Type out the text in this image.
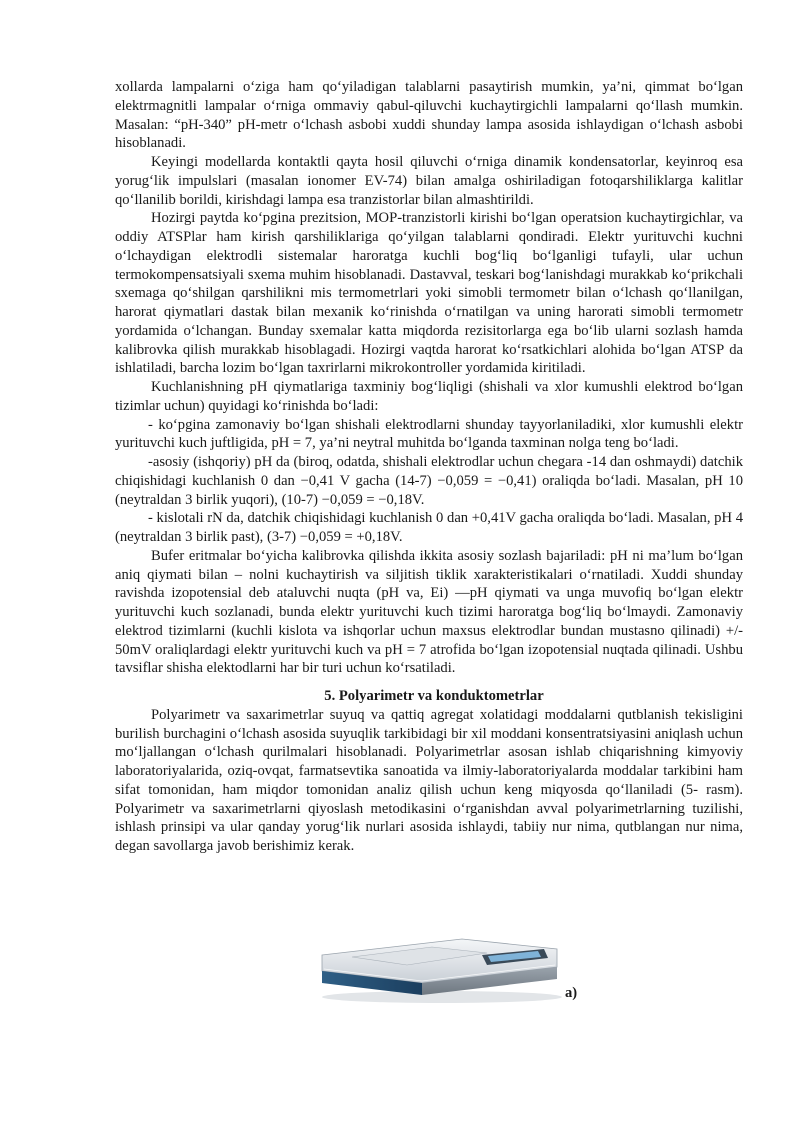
xollarda lampalarni o‘ziga ham qo‘yiladigan talablarni pasaytirish mumkin, ya’ni, qimmat bo‘lgan elektrmagnitli lampalar o‘rniga ommaviy qabul-qiluvchi kuchaytirgichli lampalarni qo‘llash mumkin. Masalan: “pH-340” pH-metr o‘lchash asbobi xuddi shunday lampa asosida ishlaydigan o‘lchash asbobi hisoblanadi.

Keyingi modellarda kontaktli qayta hosil qiluvchi o‘rniga dinamik kondensatorlar, keyinroq esa yorug‘lik impulslari (masalan ionomer EV-74) bilan amalga oshiriladigan fotoqarshiliklarga kalitlar qo‘llanilib borildi, kirishdagi lampa esa tranzistorlar bilan almashtirildi.

Hozirgi paytda ko‘pgina prezitsion, MOP-tranzistorli kirishi bo‘lgan operatsion kuchaytirgichlar, va oddiy ATSPlar ham kirish qarshiliklariga qo‘yilgan talablarni qondiradi. Elektr yurituvchi kuchni o‘lchaydigan elektrodli sistemalar haroratga kuchli bog‘liq bo‘lganligi tufayli, ular uchun termokompensatsiyali sxema muhim hisoblanadi. Dastavval, teskari bog‘lanishdagi murakkab ko‘prikchali sxemaga qo‘shilgan qarshilikni mis termometrlari yoki simobli termometr bilan o‘lchash qo‘llanilgan, harorat qiymatlari dastak bilan mexanik ko‘rinishda o‘rnatilgan va uning harorati simobli termometr yordamida o‘lchangan. Bunday sxemalar katta miqdorda rezisitorlarga ega bo‘lib ularni sozlash hamda kalibrovka qilish murakkab hisoblagadi. Hozirgi vaqtda harorat ko‘rsatkichlari alohida bo‘lgan ATSP da ishlatiladi, barcha lozim bo‘lgan taxrirlarni mikrokontroller yordamida kiritiladi.

Kuchlanishning pH qiymatlariga taxminiy bog‘liqligi (shishali va xlor kumushli elektrod bo‘lgan tizimlar uchun) quyidagi ko‘rinishda bo‘ladi:

- ko‘pgina zamonaviy bo‘lgan shishali elektrodlarni shunday tayyorlaniladiki, xlor kumushli elektr yurituvchi kuch juftligida, pH = 7, ya’ni neytral muhitda bo‘lganda taxminan nolga teng bo‘ladi.

-asosiy (ishqoriy) pH da (biroq, odatda, shishali elektrodlar uchun chegara -14 dan oshmaydi) datchik chiqishidagi kuchlanish 0 dan −0,41 V gacha (14-7) −0,059 = −0,41) oraliqda bo‘ladi. Masalan, pH 10 (neytraldan 3 birlik yuqori), (10-7) −0,059 = −0,18V.

- kislotali rN da, datchik chiqishidagi kuchlanish 0 dan +0,41V gacha oraliqda bo‘ladi. Masalan, pH 4 (neytraldan 3 birlik past), (3-7) −0,059 = +0,18V.

Bufer eritmalar bo‘yicha kalibrovka qilishda ikkita asosiy sozlash bajariladi: pH ni ma’lum bo‘lgan aniq qiymati bilan – nolni kuchaytirish va siljitish tiklik xarakteristikalari o‘rnatiladi. Xuddi shunday ravishda izopotensial deb ataluvchi nuqta (pH va, Ei) —pH qiymati va unga muvofiq bo‘lgan elektr yurituvchi kuch sozlanadi, bunda elektr yurituvchi kuch tizimi haroratga bog‘liq bo‘lmaydi. Zamonaviy elektrod tizimlarni (kuchli kislota va ishqorlar uchun maxsus elektrodlar bundan mustasno qilinadi) +/- 50mV oraliqlardagi elektr yurituvchi kuch va pH = 7 atrofida bo‘lgan izopotensial nuqtada qilinadi. Ushbu tavsiflar shisha elektodlarni har bir turi uchun ko‘rsatiladi.

5. Polyarimetr va konduktometrlar

Polyarimetr va saxarimetrlar suyuq va qattiq agregat xolatidagi moddalarni qutblanish tekisligini burilish burchagini o‘lchash asosida suyuqlik tarkibidagi bir xil moddani konsentratsiyasini aniqlash uchun mo‘ljallangan o‘lchash qurilmalari hisoblanadi. Polyarimetrlar asosan ishlab chiqarishning kimyoviy laboratoriyalarida, oziq-ovqat, farmatsevtika sanoatida va ilmiy-laboratoriyalarda moddalar tarkibini ham sifat tomonidan, ham miqdor tomonidan analiz qilish uchun keng miqyosda qo‘llaniladi (5- rasm). Polyarimetr va saxarimetrlarni qiyoslash metodikasini o‘rganishdan avval polyarimetrlarning tuzilishi, ishlash prinsipi va ular qanday yorug‘lik nurlari asosida ishlaydi, tabiiy nur nima, qutblangan nur nima, degan savollarga javob berishimiz kerak.

a)
